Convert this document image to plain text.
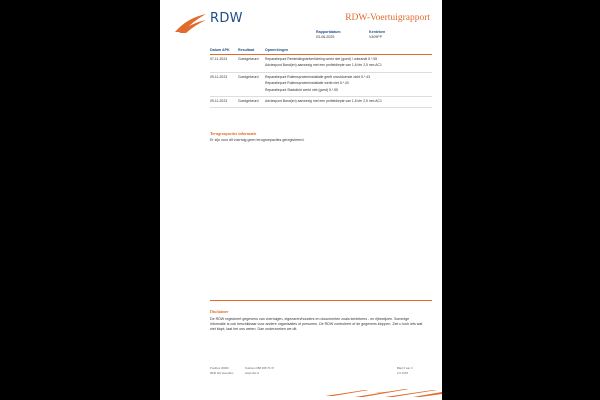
RDW	RDW-Voertuigrapport
Rapportdatum
03-06-2025
Kenteken
V409FP
Datum APK	Resultaat	Opmerkingen
07-11-2024	Goedgekeurd	Reparatiepunt Remleidingstelverlichting werkt niet (goed) / onbrandt 5.*.55
Adviespunt Band(en) aanwezig met een profieldiepte van 1,6 t/m 2,5 mm AC1

09-11-2023	Goedgekeurd	Reparatiepunt Ruitensproeierinstallatie geeft onvoldoende zicht 5.*.43
Reparatiepunt Ruitensproeierinstallatie werkt niet 5.*.43
Reparatiepunt Stadslicht werkt niet (goed) 5.*.55

09-11-2023	Goedgekeurd	Adviespunt Band(en) aanwezig met een profieldiepte van 1,6 t/m 2,5 mm AC1
Terugroepacties informatie
Er zijn voor dit voertuig geen terugroepacties geregistreerd.
Disclaimer
De RDW registreert gegevens van voertuigen, eigenaren/houders en documenten zoals kentekens - en rijbewijzen. Sommige informatie is ook beschikbaar voor andere organisaties of personen. De RDW controleert of de gegevens kloppen. Ziet u toch iets wat niet klopt, laat het ons weten. Dan onderzoeken we dit.
Postbus 30000
9640 RA Veendam
Telefoon 088 008 70 47
www.rdw.nl
Blad 3 van 3
2.0.1078
